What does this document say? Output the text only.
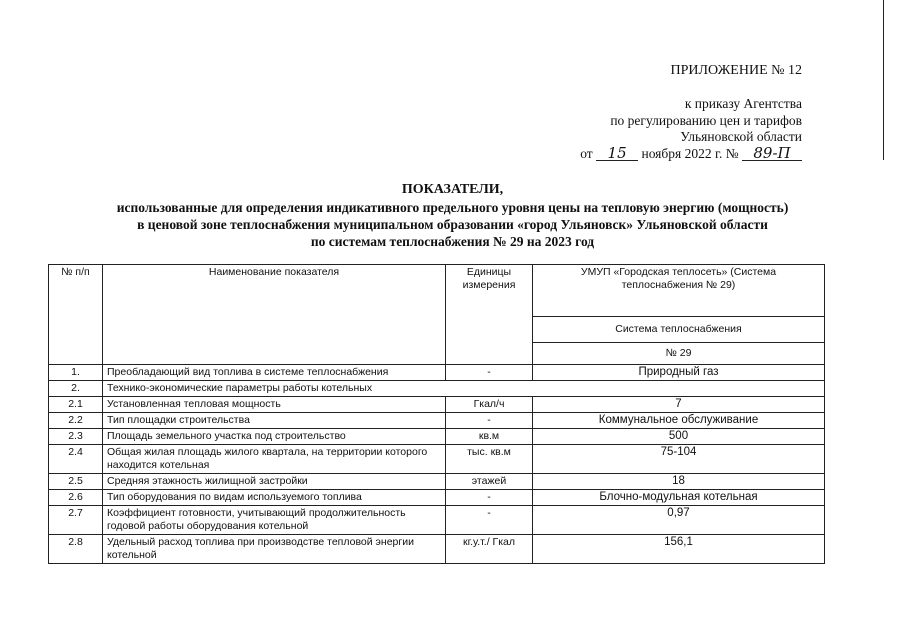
ПРИЛОЖЕНИЕ № 12
к приказу Агентства
по регулированию цен и тарифов
Ульяновской области
от 15 ноября 2022 г. № 89-П
ПОКАЗАТЕЛИ,
использованные для определения индикативного предельного уровня цены на тепловую энергию (мощность)
в ценовой зоне теплоснабжения муниципальном образовании «город Ульяновск» Ульяновской области
по системам теплоснабжения № 29 на 2023 год
№ п/п	Наименование показателя	Единицы измерения	УМУП «Городская теплосеть» (Система теплоснабжения № 29)
			Система теплоснабжения
			№ 29
1.	Преобладающий вид топлива в системе теплоснабжения	-	Природный газ
2.	Технико-экономические параметры работы котельных		
2.1	Установленная тепловая мощность	Гкал/ч	7
2.2	Тип площадки строительства	-	Коммунальное обслуживание
2.3	Площадь земельного участка под строительство	кв.м	500
2.4	Общая жилая площадь жилого квартала, на территории которого находится котельная	тыс. кв.м	75-104
2.5	Средняя этажность жилищной застройки	этажей	18
2.6	Тип оборудования по видам используемого топлива	-	Блочно-модульная котельная
2.7	Коэффициент готовности, учитывающий продолжительность годовой работы оборудования котельной	-	0,97
2.8	Удельный расход топлива при производстве тепловой энергии котельной	кг.у.т./ Гкал	156,1
